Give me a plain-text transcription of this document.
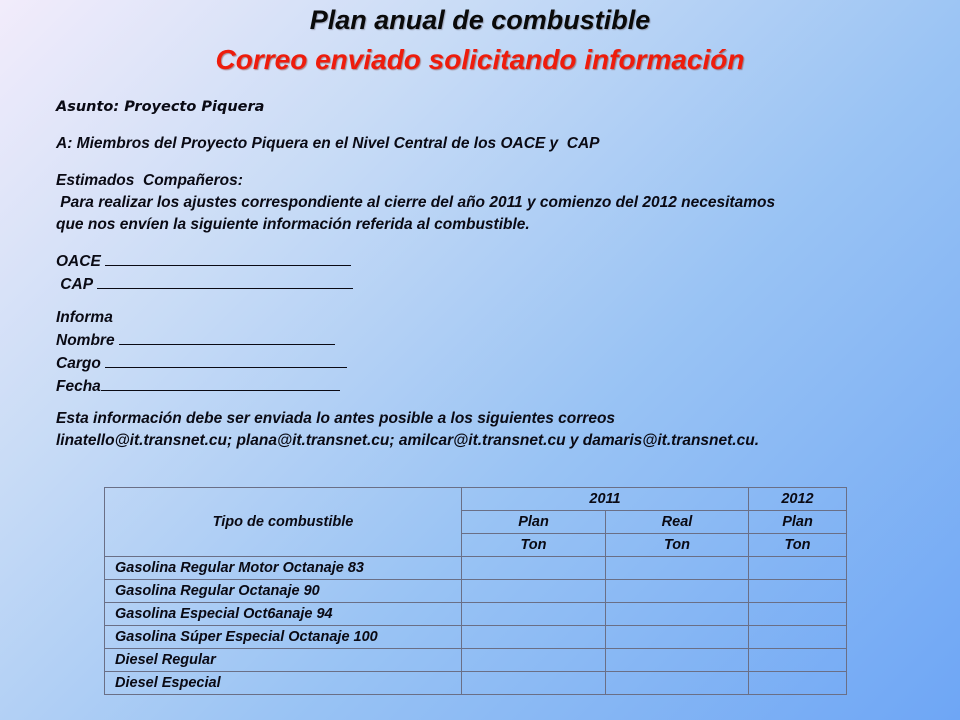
Plan anual de combustible
Correo enviado solicitando información

Asunto: Proyecto Piquera

A: Miembros del Proyecto Piquera en el Nivel Central de los OACE y  CAP

Estimados  Compañeros:

Para realizar los ajustes correspondiente al cierre del año 2011 y comienzo del 2012 necesitamos

que nos envíen la siguiente información referida al combustible.

OACE

CAP

Informa

Nombre

Cargo

Fecha

Esta información debe ser enviada lo antes posible a los siguientes correos

linatello@it.transnet.cu; plana@it.transnet.cu; amilcar@it.transnet.cu y damaris@it.transnet.cu.

Tipo de combustible	2011		2012
	Plan	Real	Plan
	Ton	Ton	Ton
Gasolina Regular Motor Octanaje 83			
Gasolina Regular Octanaje 90			
Gasolina Especial Oct6anaje 94			
Gasolina Súper Especial Octanaje 100			
Diesel Regular			
Diesel Especial			
